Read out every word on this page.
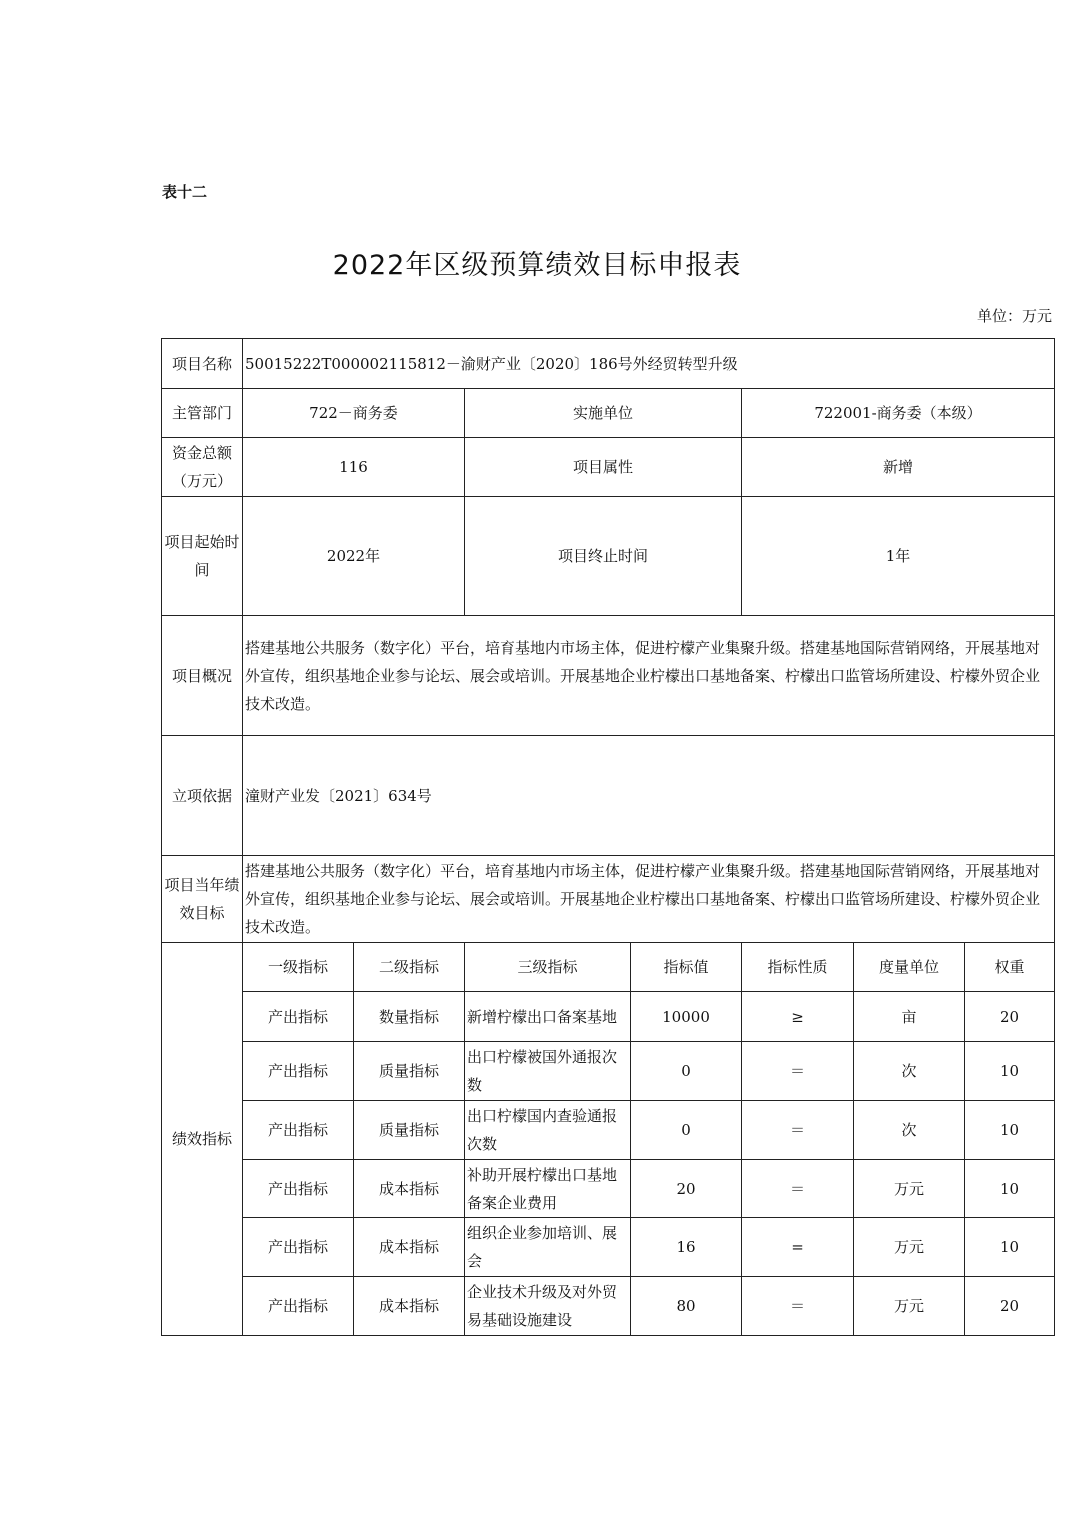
表十二
2022年区级预算绩效目标申报表
单位：万元
项目名称	50015222T000002115812－渝财产业〔2020〕186号外经贸转型升级						
主管部门	722－商务委		实施单位		722001-商务委（本级）		
资金总额（万元）	116		项目属性		新增		
项目起始时间	2022年		项目终止时间		1年		
项目概况	搭建基地公共服务（数字化）平台，培育基地内市场主体，促进柠檬产业集聚升级。搭建基地国际营销网络，开展基地对外宣传，组织基地企业参与论坛、展会或培训。开展基地企业柠檬出口基地备案、柠檬出口监管场所建设、柠檬外贸企业技术改造。						
立项依据	潼财产业发〔2021〕634号						
项目当年绩效目标	搭建基地公共服务（数字化）平台，培育基地内市场主体，促进柠檬产业集聚升级。搭建基地国际营销网络，开展基地对外宣传，组织基地企业参与论坛、展会或培训。开展基地企业柠檬出口基地备案、柠檬出口监管场所建设、柠檬外贸企业技术改造。						
绩效指标	一级指标	二级指标	三级指标	指标值	指标性质	度量单位	权重
	产出指标	数量指标	新增柠檬出口备案基地	10000	≥	亩	20
	产出指标	质量指标	出口柠檬被国外通报次数	0	＝	次	10
	产出指标	质量指标	出口柠檬国内查验通报次数	0	＝	次	10
	产出指标	成本指标	补助开展柠檬出口基地备案企业费用	20	＝	万元	10
	产出指标	成本指标	组织企业参加培训、展会	16	=	万元	10
	产出指标	成本指标	企业技术升级及对外贸易基础设施建设	80	＝	万元	20
